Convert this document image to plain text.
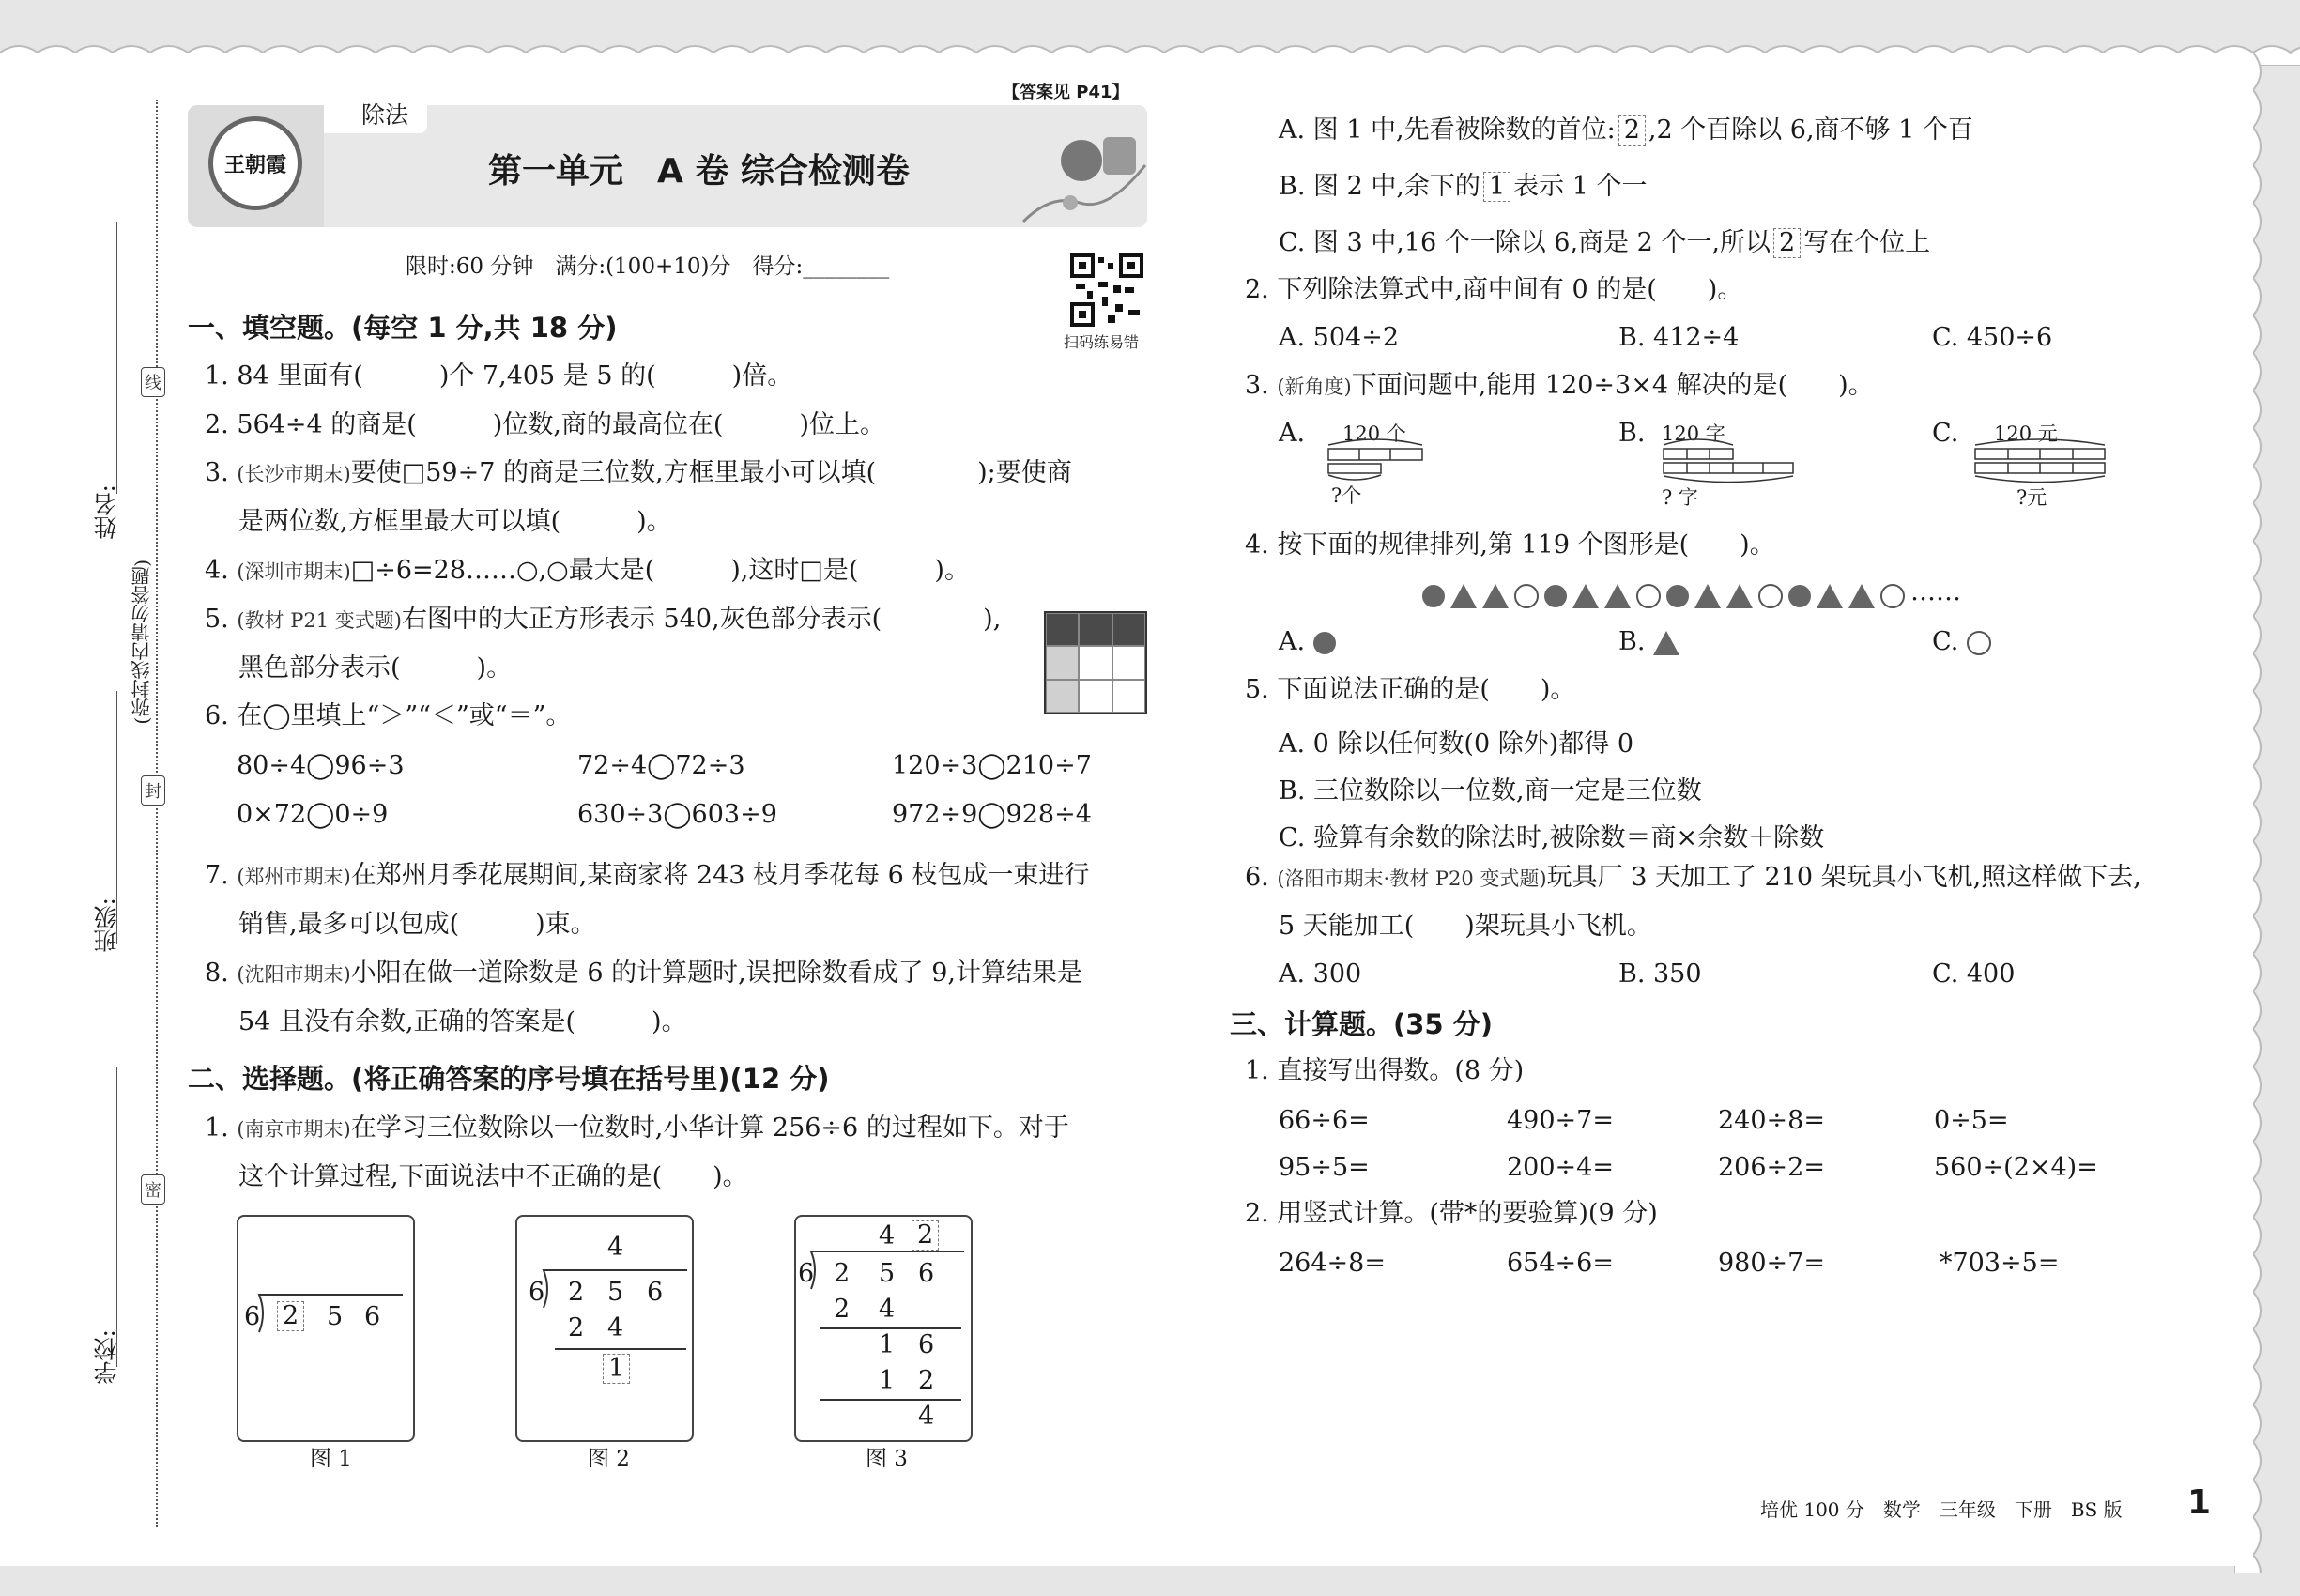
姓名:
班级:
学校:
(弥封线内请勿答题)
线
封
密
除法
王朝霞	第一单元　A 卷 综合检测卷
【答案见 P41】
限时:60 分钟　满分:(100+10)分　得分:________
扫码练易错
一、填空题。(每空 1 分,共 18 分)
1. 84 里面有(　　　)个 7,405 是 5 的(　　　)倍。
2. 564÷4 的商是(　　　)位数,商的最高位在(　　　)位上。
3. (长沙市期末)要使□59÷7 的商是三位数,方框里最小可以填(　　　　);要使商
是两位数,方框里最大可以填(　　　)。
4. (深圳市期末)□÷6=28……○,○最大是(　　　),这时□是(　　　)。
5. (教材 P21 变式题)右图中的大正方形表示 540,灰色部分表示(　　　　),
黑色部分表示(　　　)。
6. 在◯里填上“＞”“＜”或“＝”。
80÷4◯96÷3	72÷4◯72÷3	120÷3◯210÷7
0×72◯0÷9	630÷3◯603÷9	972÷9◯928÷4
7. (郑州市期末)在郑州月季花展期间,某商家将 243 枝月季花每 6 枝包成一束进行
销售,最多可以包成(　　　)束。
8. (沈阳市期末)小阳在做一道除数是 6 的计算题时,误把除数看成了 9,计算结果是
54 且没有余数,正确的答案是(　　　)。
二、选择题。(将正确答案的序号填在括号里)(12 分)
1. (南京市期末)在学习三位数除以一位数时,小华计算 256÷6 的过程如下。对于
这个计算过程,下面说法中不正确的是(　　)。
6 2 5 6
图 1
4
6 2 5 6
2 4
1
图 2
4 2
6 2 5 6
2 4
1 6
1 2
4
图 3
A. 图 1 中,先看被除数的首位: 2 ,2 个百除以 6,商不够 1 个百
B. 图 2 中,余下的 1 表示 1 个一
C. 图 3 中,16 个一除以 6,商是 2 个一,所以 2 写在个位上
2. 下列除法算式中,商中间有 0 的是(　　)。
A. 504÷2	B. 412÷4	C. 450÷6
3. (新角度)下面问题中,能用 120÷3×4 解决的是(　　)。
A. 120 个
?个
B. 120 字
? 字
C. 120 元
?元
4. 按下面的规律排列,第 119 个图形是(　　)。
……
A.	B.	C.
5. 下面说法正确的是(　　)。
A. 0 除以任何数(0 除外)都得 0
B. 三位数除以一位数,商一定是三位数
C. 验算有余数的除法时,被除数＝商×余数＋除数
6. (洛阳市期末·教材 P20 变式题)玩具厂 3 天加工了 210 架玩具小飞机,照这样做下去,
5 天能加工(　　)架玩具小飞机。
A. 300	B. 350	C. 400
三、计算题。(35 分)
1. 直接写出得数。(8 分)
66÷6=	490÷7=	240÷8=	0÷5=
95÷5=	200÷4=	206÷2=	560÷(2×4)=
2. 用竖式计算。(带*的要验算)(9 分)
264÷8=	654÷6=	980÷7=	*703÷5=
培优 100 分　数学　三年级　下册　BS 版 1
